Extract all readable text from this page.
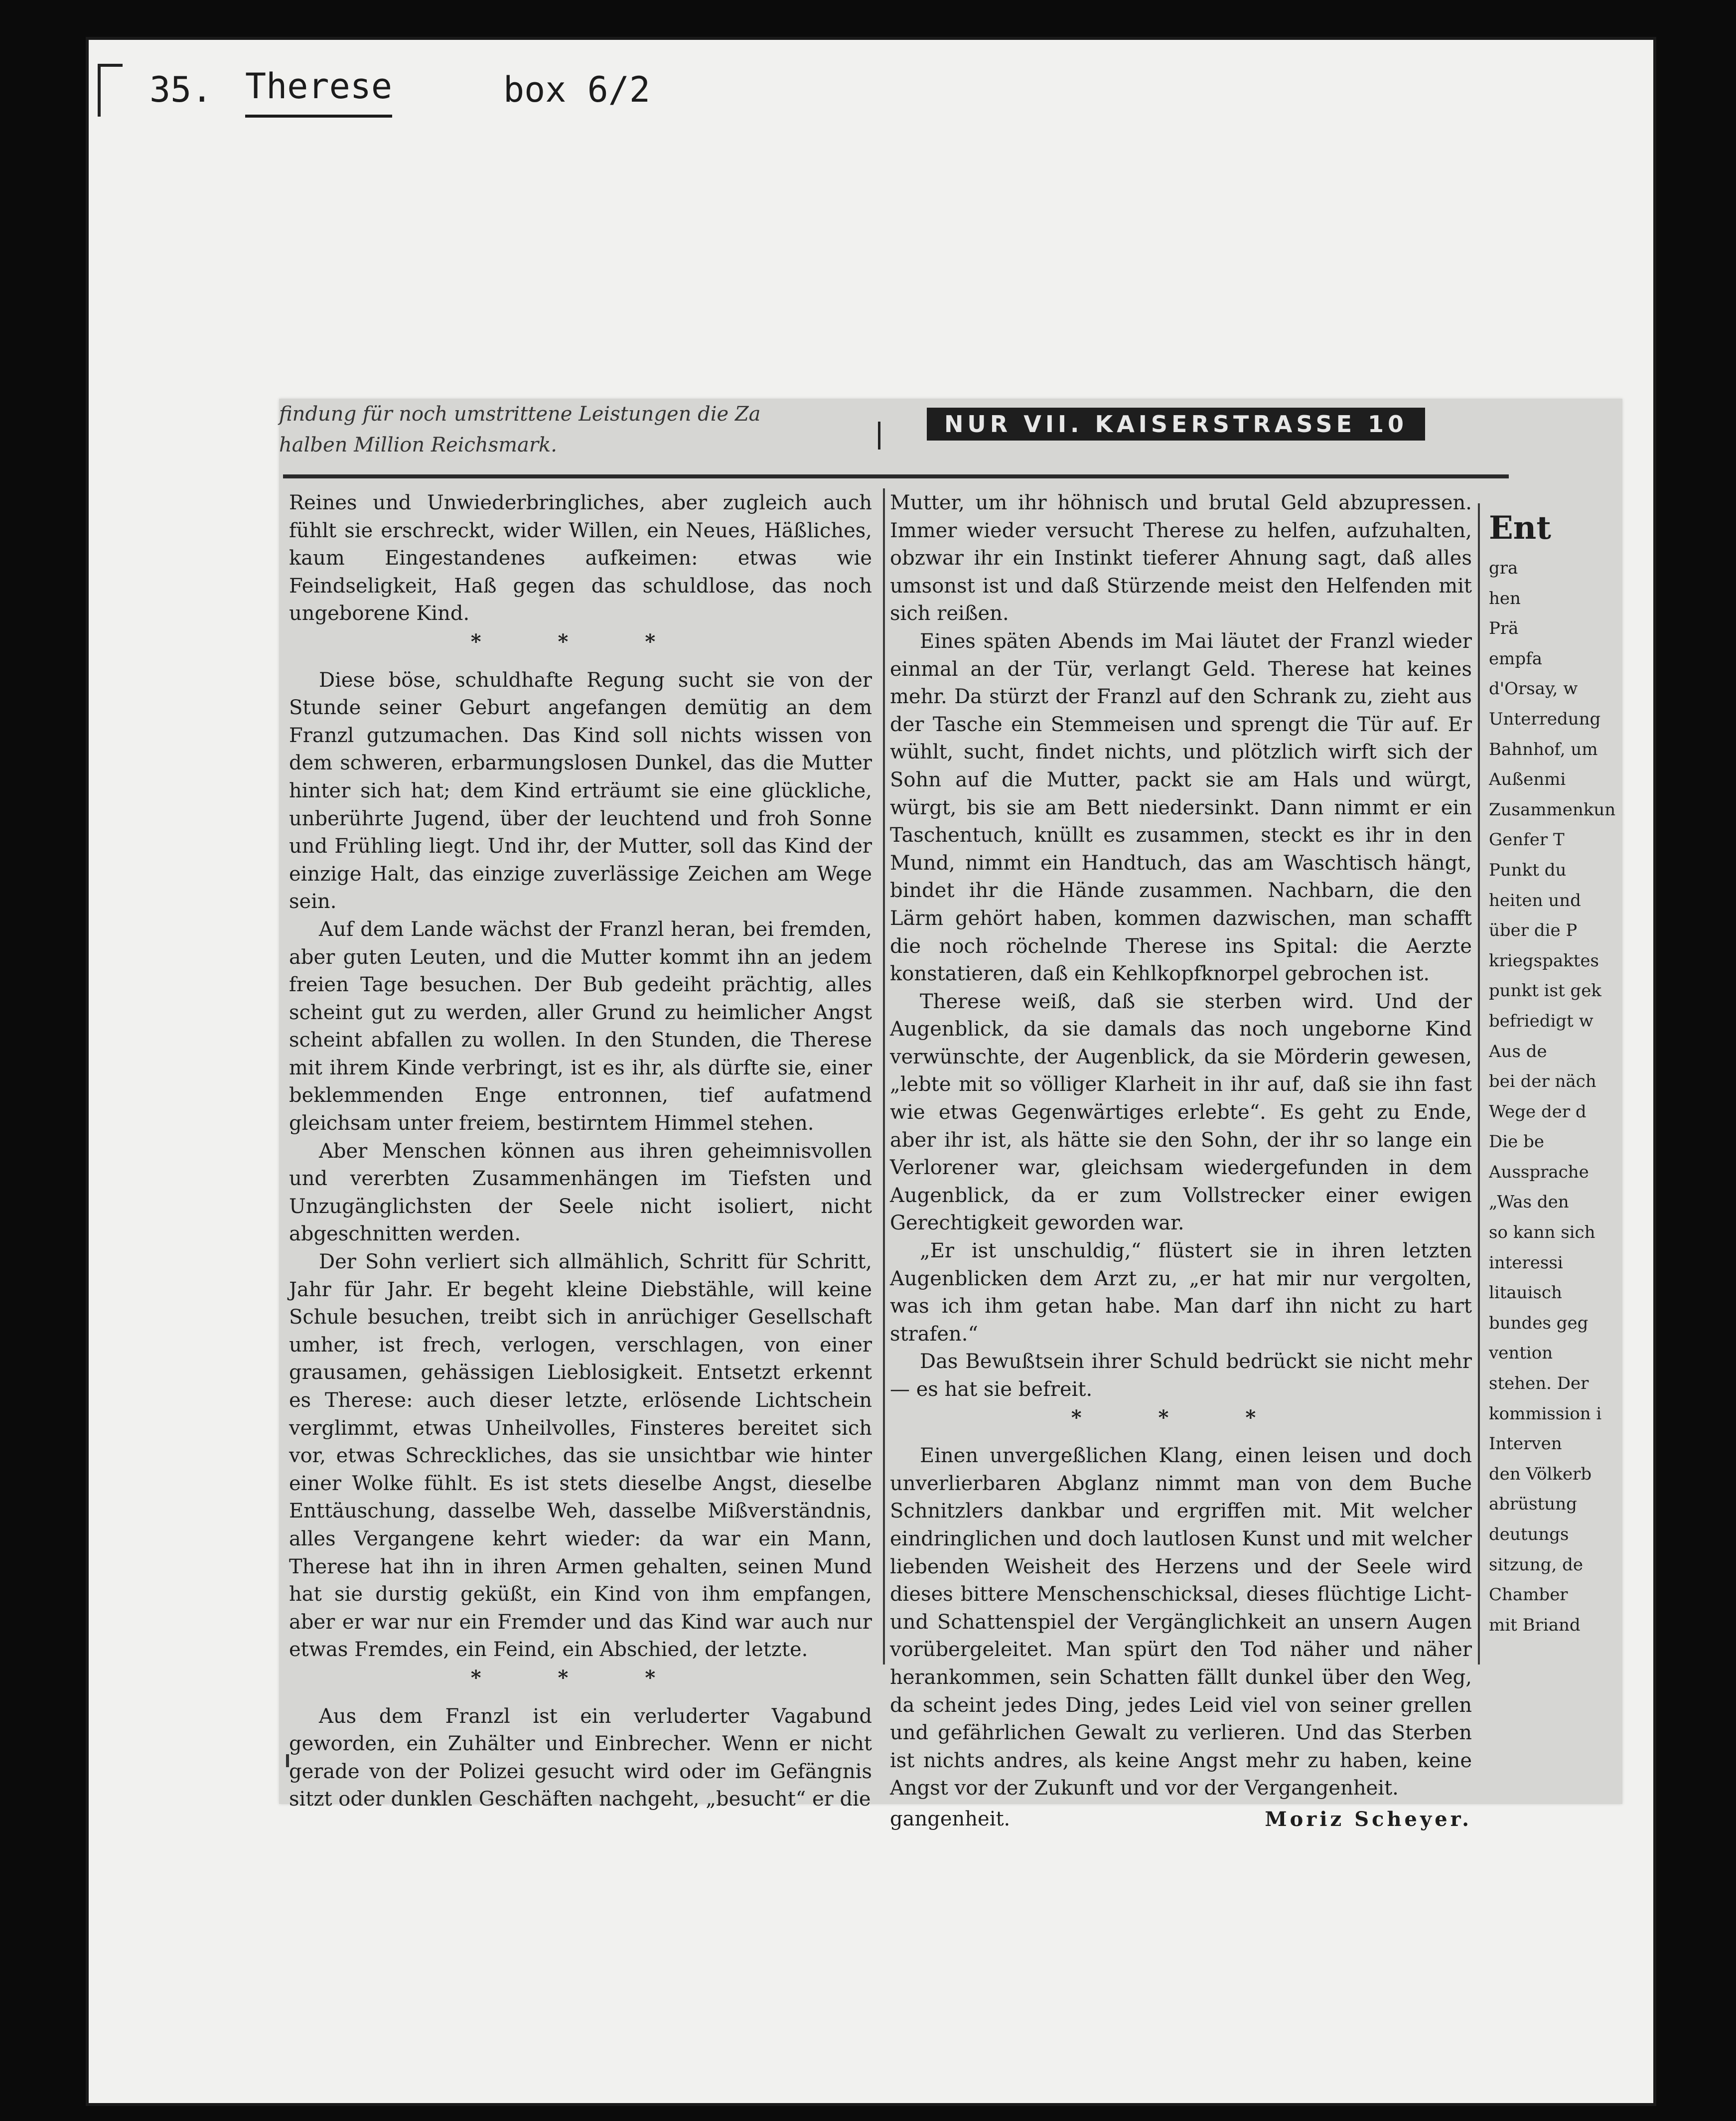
35. Therese	box 6/2
findung für noch umstrittene Leistungen die Za
halben Million Reichsmark.
NUR VII. KAISERSTRASSE 10

Reines und Unwiederbringliches, aber zugleich auch fühlt sie erschreckt, wider Willen, ein Neues, Häßliches, kaum Eingestandenes aufkeimen: etwas wie Feindseligkeit, Haß gegen das schuldlose, das noch ungeborene Kind.

* * *

Diese böse, schuldhafte Regung sucht sie von der Stunde seiner Geburt angefangen demütig an dem Franzl gutzumachen. Das Kind soll nichts wissen von dem schweren, erbarmungslosen Dunkel, das die Mutter hinter sich hat; dem Kind erträumt sie eine glückliche, unberührte Jugend, über der leuchtend und froh Sonne und Frühling liegt. Und ihr, der Mutter, soll das Kind der einzige Halt, das einzige zuverlässige Zeichen am Wege sein.

Auf dem Lande wächst der Franzl heran, bei fremden, aber guten Leuten, und die Mutter kommt ihn an jedem freien Tage besuchen. Der Bub gedeiht prächtig, alles scheint gut zu werden, aller Grund zu heimlicher Angst scheint abfallen zu wollen. In den Stunden, die Therese mit ihrem Kinde verbringt, ist es ihr, als dürfte sie, einer beklemmenden Enge entronnen, tief aufatmend gleichsam unter freiem, bestirntem Himmel stehen.

Aber Menschen können aus ihren geheimnisvollen und vererbten Zusammenhängen im Tiefsten und Unzugänglichsten der Seele nicht isoliert, nicht abgeschnitten werden.

Der Sohn verliert sich allmählich, Schritt für Schritt, Jahr für Jahr. Er begeht kleine Diebstähle, will keine Schule besuchen, treibt sich in anrüchiger Gesellschaft umher, ist frech, verlogen, verschlagen, von einer grausamen, gehässigen Lieblosigkeit. Entsetzt erkennt es Therese: auch dieser letzte, erlösende Lichtschein verglimmt, etwas Unheilvolles, Finsteres bereitet sich vor, etwas Schreckliches, das sie unsichtbar wie hinter einer Wolke fühlt. Es ist stets dieselbe Angst, dieselbe Enttäuschung, dasselbe Weh, dasselbe Mißverständnis, alles Vergangene kehrt wieder: da war ein Mann, Therese hat ihn in ihren Armen gehalten, seinen Mund hat sie durstig geküßt, ein Kind von ihm empfangen, aber er war nur ein Fremder und das Kind war auch nur etwas Fremdes, ein Feind, ein Abschied, der letzte.

* * *

Aus dem Franzl ist ein verluderter Vagabund geworden, ein Zuhälter und Einbrecher. Wenn er nicht gerade von der Polizei gesucht wird oder im Gefängnis sitzt oder dunklen Geschäften nachgeht, „besucht“ er die

Mutter, um ihr höhnisch und brutal Geld abzupressen. Immer wieder versucht Therese zu helfen, aufzuhalten, obzwar ihr ein Instinkt tieferer Ahnung sagt, daß alles umsonst ist und daß Stürzende meist den Helfenden mit sich reißen.

Eines späten Abends im Mai läutet der Franzl wieder einmal an der Tür, verlangt Geld. Therese hat keines mehr. Da stürzt der Franzl auf den Schrank zu, zieht aus der Tasche ein Stemmeisen und sprengt die Tür auf. Er wühlt, sucht, findet nichts, und plötzlich wirft sich der Sohn auf die Mutter, packt sie am Hals und würgt, würgt, bis sie am Bett niedersinkt. Dann nimmt er ein Taschentuch, knüllt es zusammen, steckt es ihr in den Mund, nimmt ein Handtuch, das am Waschtisch hängt, bindet ihr die Hände zusammen. Nachbarn, die den Lärm gehört haben, kommen dazwischen, man schafft die noch röchelnde Therese ins Spital: die Aerzte konstatieren, daß ein Kehlkopfknorpel gebrochen ist.

Therese weiß, daß sie sterben wird. Und der Augenblick, da sie damals das noch ungeborne Kind verwünschte, der Augenblick, da sie Mörderin gewesen, „lebte mit so völliger Klarheit in ihr auf, daß sie ihn fast wie etwas Gegenwärtiges erlebte“. Es geht zu Ende, aber ihr ist, als hätte sie den Sohn, der ihr so lange ein Verlorener war, gleichsam wiedergefunden in dem Augenblick, da er zum Vollstrecker einer ewigen Gerechtigkeit geworden war.

„Er ist unschuldig,“ flüstert sie in ihren letzten Augenblicken dem Arzt zu, „er hat mir nur vergolten, was ich ihm getan habe. Man darf ihn nicht zu hart strafen.“

Das Bewußtsein ihrer Schuld bedrückt sie nicht mehr — es hat sie befreit.

* * *

Einen unvergeßlichen Klang, einen leisen und doch unverlierbaren Abglanz nimmt man von dem Buche Schnitzlers dankbar und ergriffen mit. Mit welcher eindringlichen und doch lautlosen Kunst und mit welcher liebenden Weisheit des Herzens und der Seele wird dieses bittere Menschenschicksal, dieses flüchtige Licht- und Schattenspiel der Vergänglichkeit an unsern Augen vorübergeleitet. Man spürt den Tod näher und näher herankommen, sein Schatten fällt dunkel über den Weg, da scheint jedes Ding, jedes Leid viel von seiner grellen und gefährlichen Gewalt zu verlieren. Und das Sterben ist nichts andres, als keine Angst mehr zu haben, keine Angst vor der Zukunft und vor der Vergangenheit.

gangenheit.	Moriz Scheyer.
Ent
gra
hen
Prä
empfa
d'Orsay, w
Unterredung
Bahnhof, um
Außenmi
Zusammenkun
Genfer T
Punkt du
heiten und
über die P
kriegspaktes
punkt ist gek
befriedigt w
Aus de
bei der näch
Wege der d
Die be
Aussprache
„Was den
so kann sich
interessi
litauisch
bundes geg
vention
stehen. Der
kommission i
Interven
den Völkerb
abrüstung
deutungs
sitzung, de
Chamber
mit Briand
